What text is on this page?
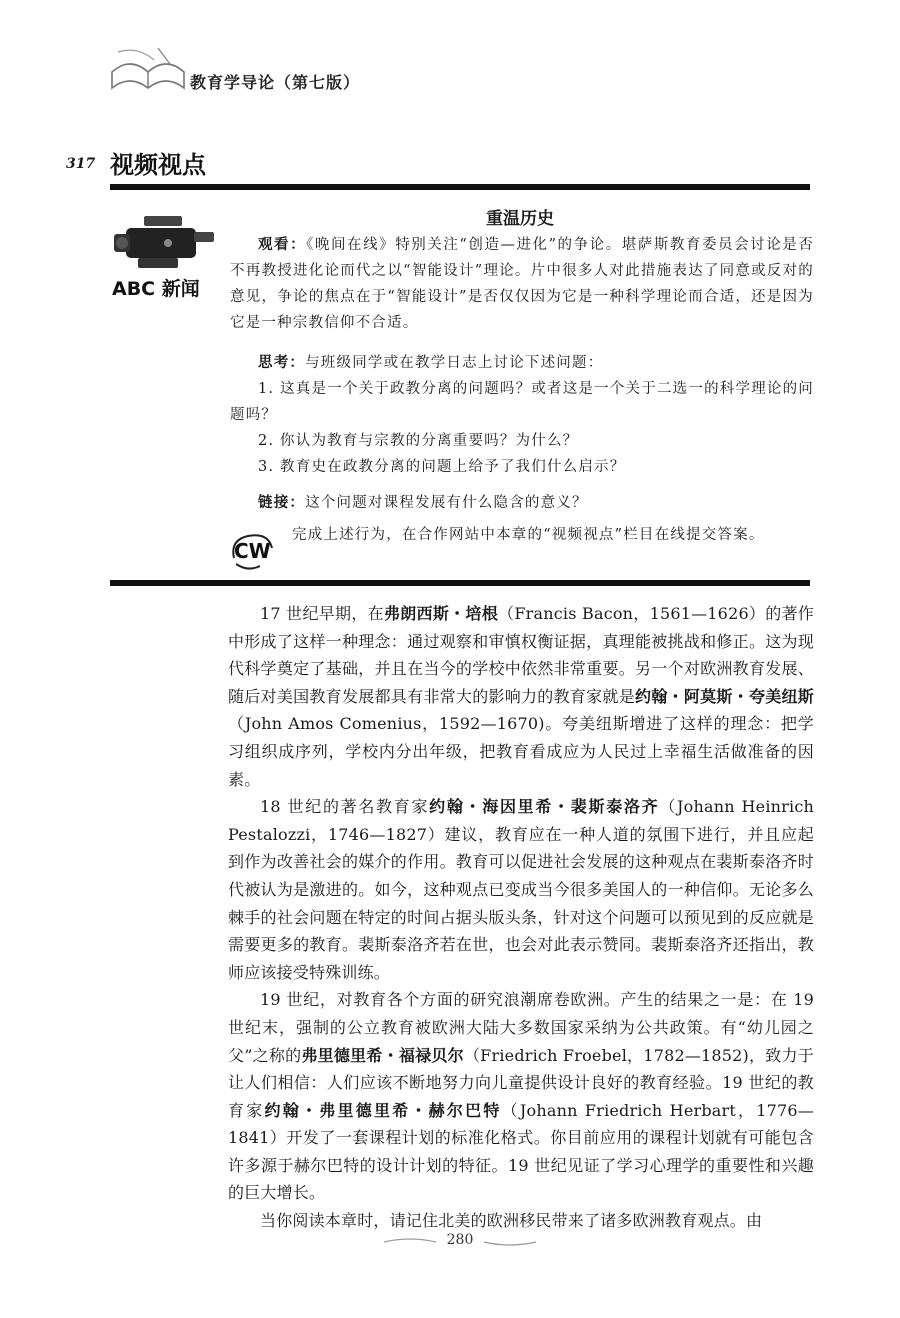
教育学导论（第七版）
317 视频视点
ABC 新闻
重温历史
观看：《晚间在线》特别关注“创造—进化”的争论。堪萨斯教育委员会讨论是否不再教授进化论而代之以“智能设计”理论。片中很多人对此措施表达了同意或反对的意见，争论的焦点在于“智能设计”是否仅仅因为它是一种科学理论而合适，还是因为它是一种宗教信仰不合适。
思考：与班级同学或在教学日志上讨论下述问题：
1. 这真是一个关于政教分离的问题吗？或者这是一个关于二选一的科学理论的问题吗？
2. 你认为教育与宗教的分离重要吗？为什么？
3. 教育史在政教分离的问题上给予了我们什么启示？
链接：这个问题对课程发展有什么隐含的意义？
CW
完成上述行为，在合作网站中本章的“视频视点”栏目在线提交答案。

17 世纪早期，在弗朗西斯・培根（Francis Bacon，1561—1626）的著作中形成了这样一种理念：通过观察和审慎权衡证据，真理能被挑战和修正。这为现代科学奠定了基础，并且在当今的学校中依然非常重要。另一个对欧洲教育发展、随后对美国教育发展都具有非常大的影响力的教育家就是约翰・阿莫斯・夸美纽斯（John Amos Comenius，1592—1670)。夸美纽斯增进了这样的理念：把学习组织成序列，学校内分出年级，把教育看成应为人民过上幸福生活做准备的因素。

18 世纪的著名教育家约翰・海因里希・裴斯泰洛齐（Johann Heinrich Pestalozzi，1746—1827）建议，教育应在一种人道的氛围下进行，并且应起到作为改善社会的媒介的作用。教育可以促进社会发展的这种观点在裴斯泰洛齐时代被认为是激进的。如今，这种观点已变成当今很多美国人的一种信仰。无论多么棘手的社会问题在特定的时间占据头版头条，针对这个问题可以预见到的反应就是需要更多的教育。裴斯泰洛齐若在世，也会对此表示赞同。裴斯泰洛齐还指出，教师应该接受特殊训练。

19 世纪，对教育各个方面的研究浪潮席卷欧洲。产生的结果之一是：在 19 世纪末，强制的公立教育被欧洲大陆大多数国家采纳为公共政策。有“幼儿园之父”之称的弗里德里希・福禄贝尔（Friedrich Froebel，1782—1852)，致力于让人们相信：人们应该不断地努力向儿童提供设计良好的教育经验。19 世纪的教育家约翰・弗里德里希・赫尔巴特（Johann Friedrich Herbart，1776—1841）开发了一套课程计划的标准化格式。你目前应用的课程计划就有可能包含许多源于赫尔巴特的设计计划的特征。19 世纪见证了学习心理学的重要性和兴趣的巨大增长。

当你阅读本章时，请记住北美的欧洲移民带来了诸多欧洲教育观点。由

280
